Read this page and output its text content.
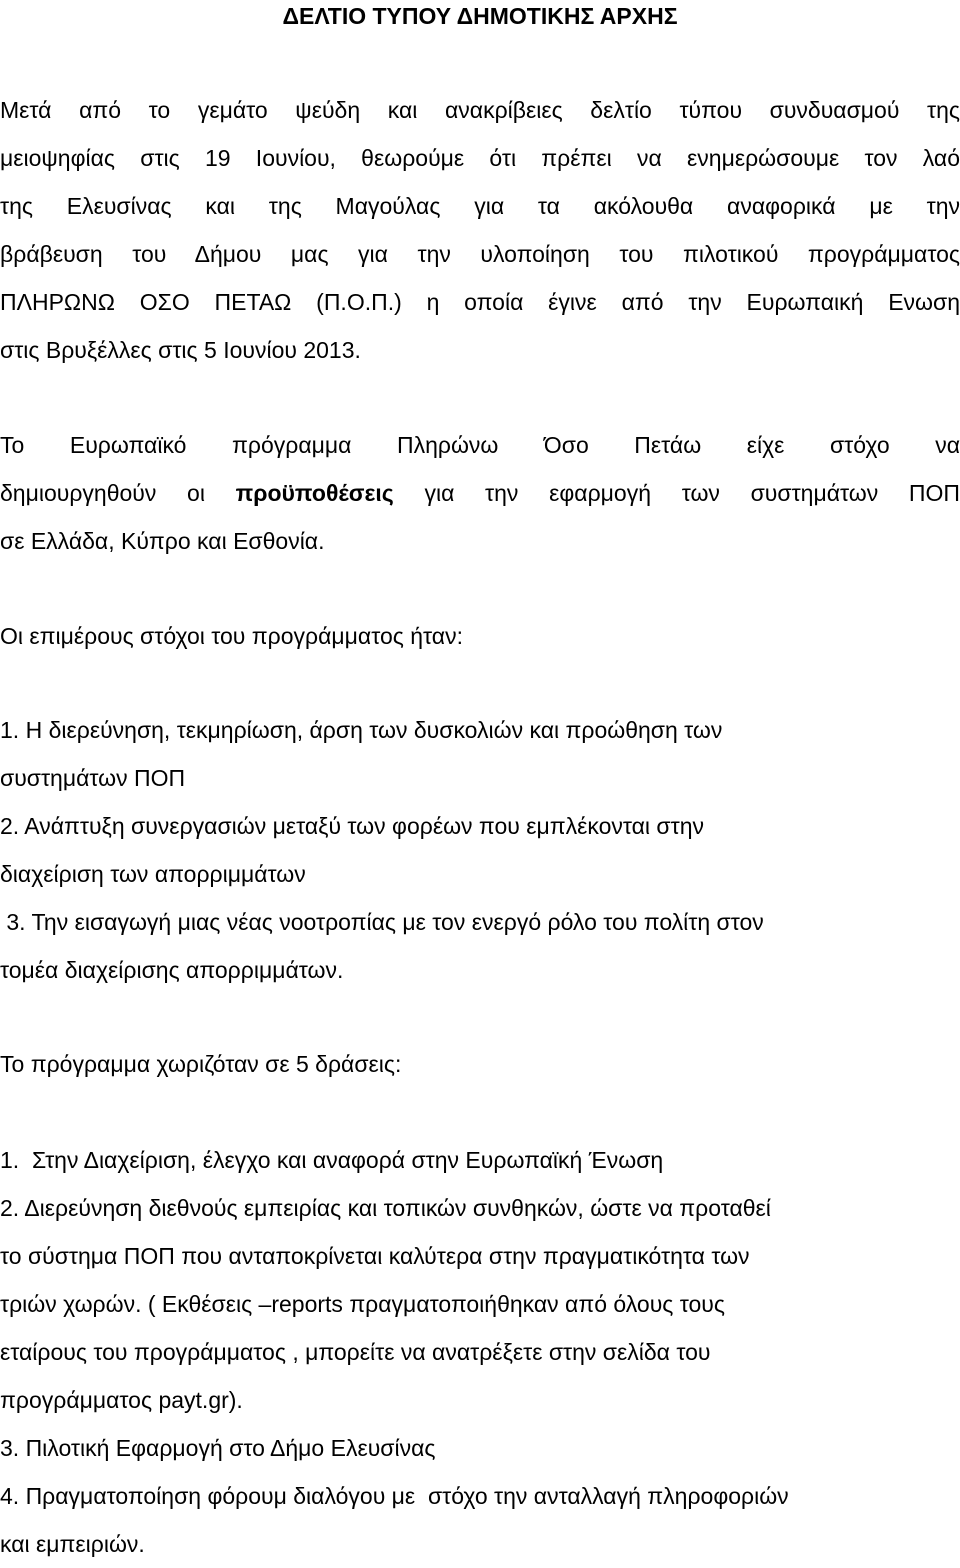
ΔΕΛΤΙΟ ΤΥΠΟΥ ΔΗΜΟΤΙΚΗΣ ΑΡΧΗΣ
Μετά από το γεμάτο ψεύδη και ανακρίβειες δελτίο τύπου συνδυασμού της
μειοψηφίας στις 19 Ιουνίου, θεωρούμε ότι πρέπει να ενημερώσουμε τον λαό
της Ελευσίνας και της Μαγούλας για τα ακόλουθα αναφορικά με την
βράβευση του Δήμου μας για την υλοποίηση του πιλοτικού προγράμματος
ΠΛΗΡΩΝΩ ΟΣΟ ΠΕΤΑΩ (Π.Ο.Π.) η οποία έγινε από την Ευρωπαική Ενωση
στις Βρυξέλλες στις 5 Ιουνίου 2013.
Το Ευρωπαϊκό πρόγραμμα Πληρώνω Όσο Πετάω είχε στόχο να
δημιουργηθούν οι προϋποθέσεις για την εφαρμογή των συστημάτων ΠΟΠ
σε Ελλάδα, Κύπρο και Εσθονία.
Οι επιμέρους στόχοι του προγράμματος ήταν:
1. Η διερεύνηση, τεκμηρίωση, άρση των δυσκολιών και προώθηση των
συστημάτων ΠΟΠ
2. Ανάπτυξη συνεργασιών μεταξύ των φορέων που εμπλέκονται στην
διαχείριση των απορριμμάτων
3. Την εισαγωγή μιας νέας νοοτροπίας με τον ενεργό ρόλο του πολίτη στον
τομέα διαχείρισης απορριμμάτων.
Το πρόγραμμα χωριζόταν σε 5 δράσεις:
1.  Στην Διαχείριση, έλεγχο και αναφορά στην Ευρωπαϊκή Ένωση
2. Διερεύνηση διεθνούς εμπειρίας και τοπικών συνθηκών, ώστε να προταθεί
το σύστημα ΠΟΠ που ανταποκρίνεται καλύτερα στην πραγματικότητα των
τριών χωρών. ( Εκθέσεις –reports πραγματοποιήθηκαν από όλους τους
εταίρους του προγράμματος , μπορείτε να ανατρέξετε στην σελίδα του
προγράμματος payt.gr).
3. Πιλοτική Εφαρμογή στο Δήμο Ελευσίνας
4. Πραγματοποίηση φόρουμ διαλόγου με  στόχο την ανταλλαγή πληροφοριών
και εμπειριών.
